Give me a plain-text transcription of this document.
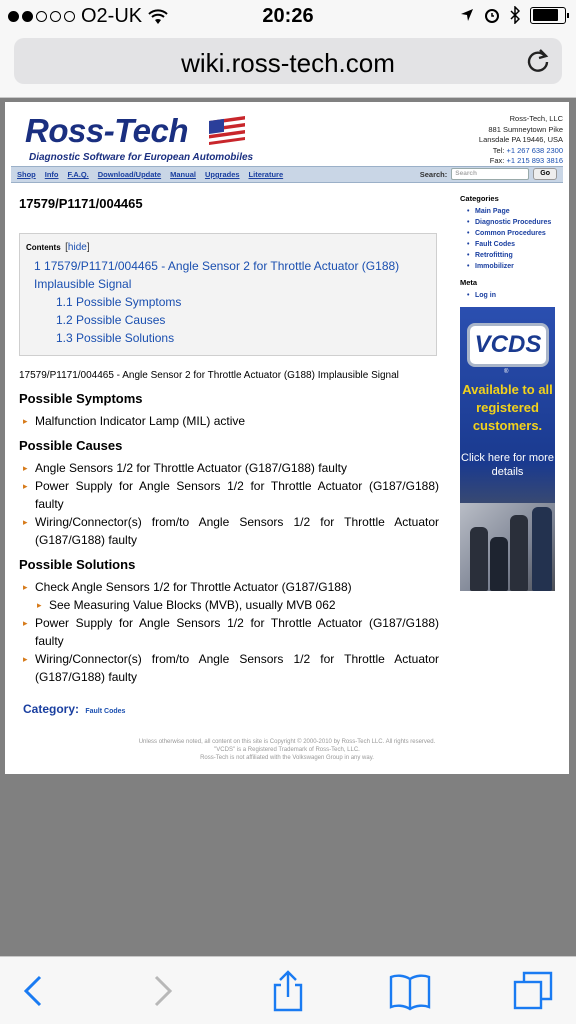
O2-UK	20:26
wiki.ross-tech.com
Ross-Tech
Diagnostic Software for European Automobiles
Ross-Tech, LLC
881 Sumneytown Pike
Lansdale PA 19446, USA
Tel: +1 267 638 2300
Fax: +1 215 893 3816
Shop Info F.A.Q. Download/Update Manual Upgrades Literature	Search:	Search	Go
17579/P1171/004465
Contents [hide]
1 17579/P1171/004465 - Angle Sensor 2 for Throttle Actuator (G188) Implausible Signal
1.1 Possible Symptoms
1.2 Possible Causes
1.3 Possible Solutions
17579/P1171/004465 - Angle Sensor 2 for Throttle Actuator (G188) Implausible Signal
Possible Symptoms
▸ Malfunction Indicator Lamp (MIL) active
Possible Causes
▸ Angle Sensors 1/2 for Throttle Actuator (G187/G188) faulty
▸ Power Supply for Angle Sensors 1/2 for Throttle Actuator (G187/G188) faulty
▸ Wiring/Connector(s) from/to Angle Sensors 1/2 for Throttle Actuator (G187/G188) faulty
Possible Solutions
▸ Check Angle Sensors 1/2 for Throttle Actuator (G187/G188)
▸ See Measuring Value Blocks (MVB), usually MVB 062
▸ Power Supply for Angle Sensors 1/2 for Throttle Actuator (G187/G188) faulty
▸ Wiring/Connector(s) from/to Angle Sensors 1/2 for Throttle Actuator (G187/G188) faulty
Category: Fault Codes
Categories
• Main Page
• Diagnostic Procedures
• Common Procedures
• Fault Codes
• Retrofitting
• Immobilizer
Meta
• Log in
VCDS
®
Available to all registered customers.
Click here for more details
Unless otherwise noted, all content on this site is Copyright © 2000-2010 by Ross-Tech LLC. All rights reserved.
"VCDS" is a Registered Trademark of Ross-Tech, LLC.
Ross-Tech is not affiliated with the Volkswagen Group in any way.
